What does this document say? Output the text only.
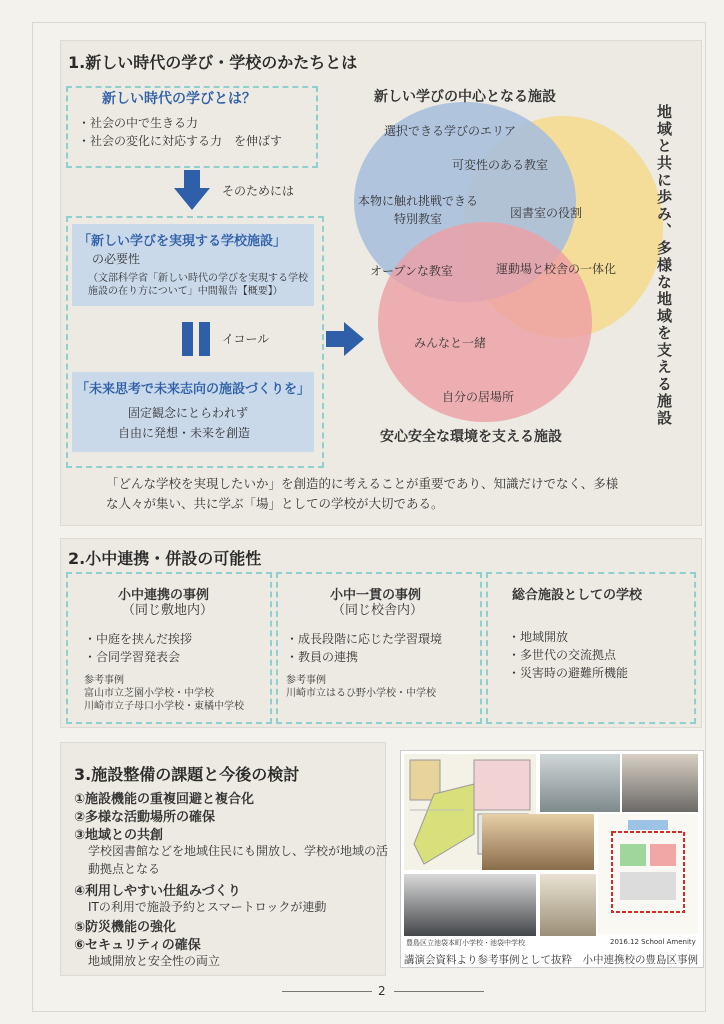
1.新しい時代の学び・学校のかたちとは
新しい時代の学びとは？
・社会の中で生きる力
・社会の変化に対応する力　を伸ばす
そのためには
「新しい学びを実現する学校施設」
の必要性
（文部科学省「新しい時代の学びを実現する学校施設の在り方について」中間報告【概要】）
イコール
「未来思考で未来志向の施設づくりを」
固定観念にとらわれず
自由に発想・未来を創造
新しい学びの中心となる施設
安心安全な環境を支える施設
地域と共に歩み、多様な地域を支える施設
選択できる学びのエリア
可変性のある教室
本物に触れ挑戦できる
特別教室	図書室の役割
オープンな教室	運動場と校舎の一体化
みんなと一緒
自分の居場所
「どんな学校を実現したいか」を創造的に考えることが重要であり、知識だけでなく、多様な人々が集い、共に学ぶ「場」としての学校が大切である。
2.小中連携・併設の可能性
小中連携の事例
（同じ敷地内）
・中庭を挟んだ挨拶
・合同学習発表会
参考事例
富山市立芝園小学校・中学校
川崎市立子母口小学校・東橘中学校
小中一貫の事例
（同じ校舎内）
・成長段階に応じた学習環境
・教員の連携
参考事例
川崎市立はるひ野小学校・中学校
総合施設としての学校
・地域開放
・多世代の交流拠点
・災害時の避難所機能
3.施設整備の課題と今後の検討
①施設機能の重複回避と複合化
②多様な活動場所の確保
③地域との共創
学校図書館などを地域住民にも開放し、学校が地域の活動拠点となる
④利用しやすい仕組みづくり
ITの利用で施設予約とスマートロックが連動
⑤防災機能の強化
⑥セキュリティの確保
地域開放と安全性の両立
豊島区立池袋本町小学校・池袋中学校	2016.12 School Amenity
講演会資料より参考事例として抜粋　小中連携校の豊島区事例
2
